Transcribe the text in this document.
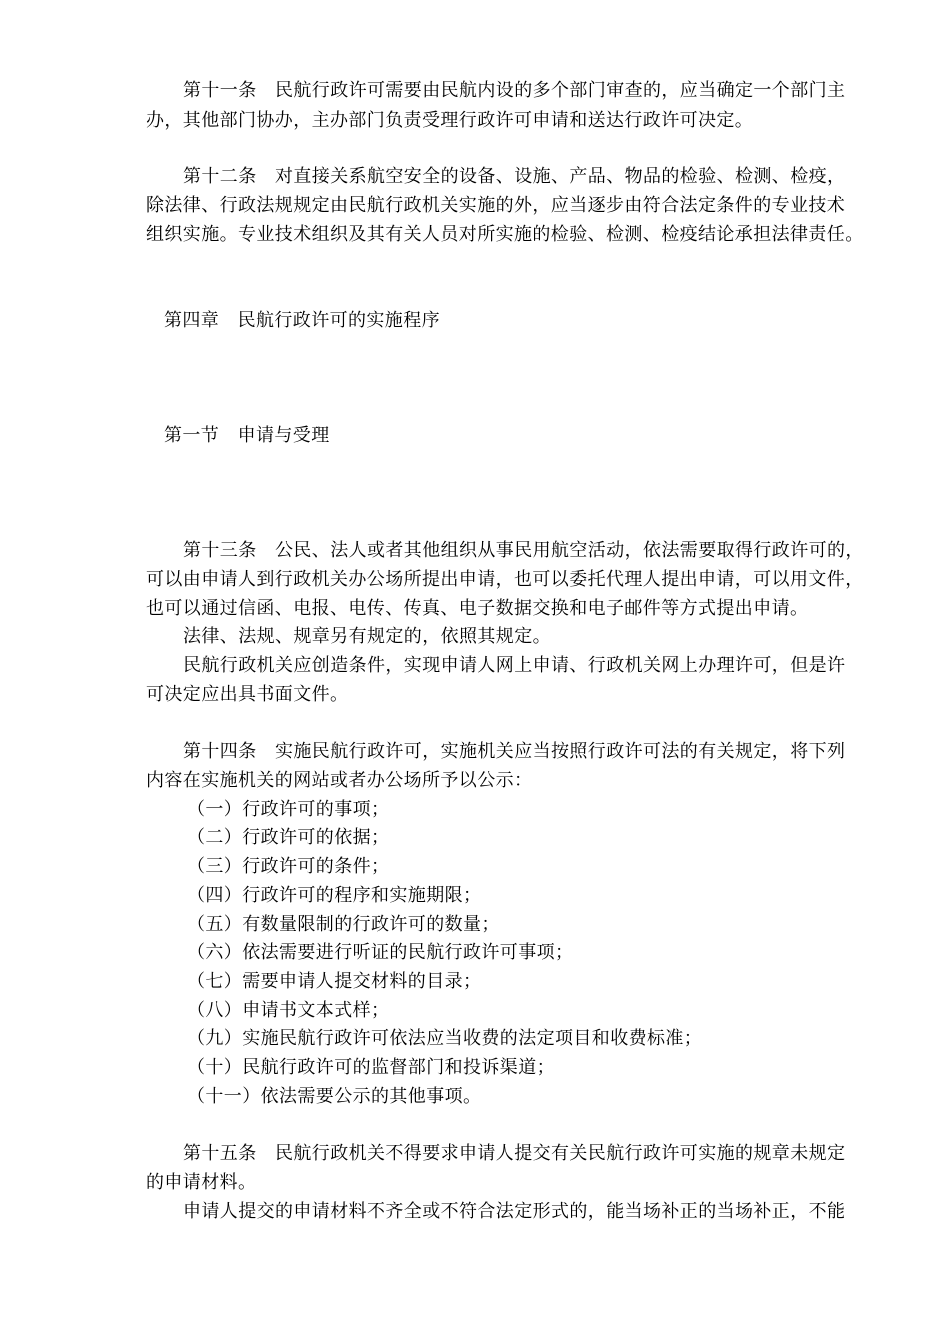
第十一条　民航行政许可需要由民航内设的多个部门审查的，应当确定一个部门主
办，其他部门协办，主办部门负责受理行政许可申请和送达行政许可决定。
第十二条　对直接关系航空安全的设备、设施、产品、物品的检验、检测、检疫，
除法律、行政法规规定由民航行政机关实施的外，应当逐步由符合法定条件的专业技术
组织实施。专业技术组织及其有关人员对所实施的检验、检测、检疫结论承担法律责任。
第四章　民航行政许可的实施程序
第一节　申请与受理
第十三条　公民、法人或者其他组织从事民用航空活动，依法需要取得行政许可的，
可以由申请人到行政机关办公场所提出申请，也可以委托代理人提出申请，可以用文件，
也可以通过信函、电报、电传、传真、电子数据交换和电子邮件等方式提出申请。
法律、法规、规章另有规定的，依照其规定。
民航行政机关应创造条件，实现申请人网上申请、行政机关网上办理许可，但是许
可决定应出具书面文件。
第十四条　实施民航行政许可，实施机关应当按照行政许可法的有关规定，将下列
内容在实施机关的网站或者办公场所予以公示：
（一）行政许可的事项；
（二）行政许可的依据；
（三）行政许可的条件；
（四）行政许可的程序和实施期限；
（五）有数量限制的行政许可的数量；
（六）依法需要进行听证的民航行政许可事项；
（七）需要申请人提交材料的目录；
（八）申请书文本式样；
（九）实施民航行政许可依法应当收费的法定项目和收费标准；
（十）民航行政许可的监督部门和投诉渠道；
（十一）依法需要公示的其他事项。
第十五条　民航行政机关不得要求申请人提交有关民航行政许可实施的规章未规定
的申请材料。
申请人提交的申请材料不齐全或不符合法定形式的，能当场补正的当场补正，不能
